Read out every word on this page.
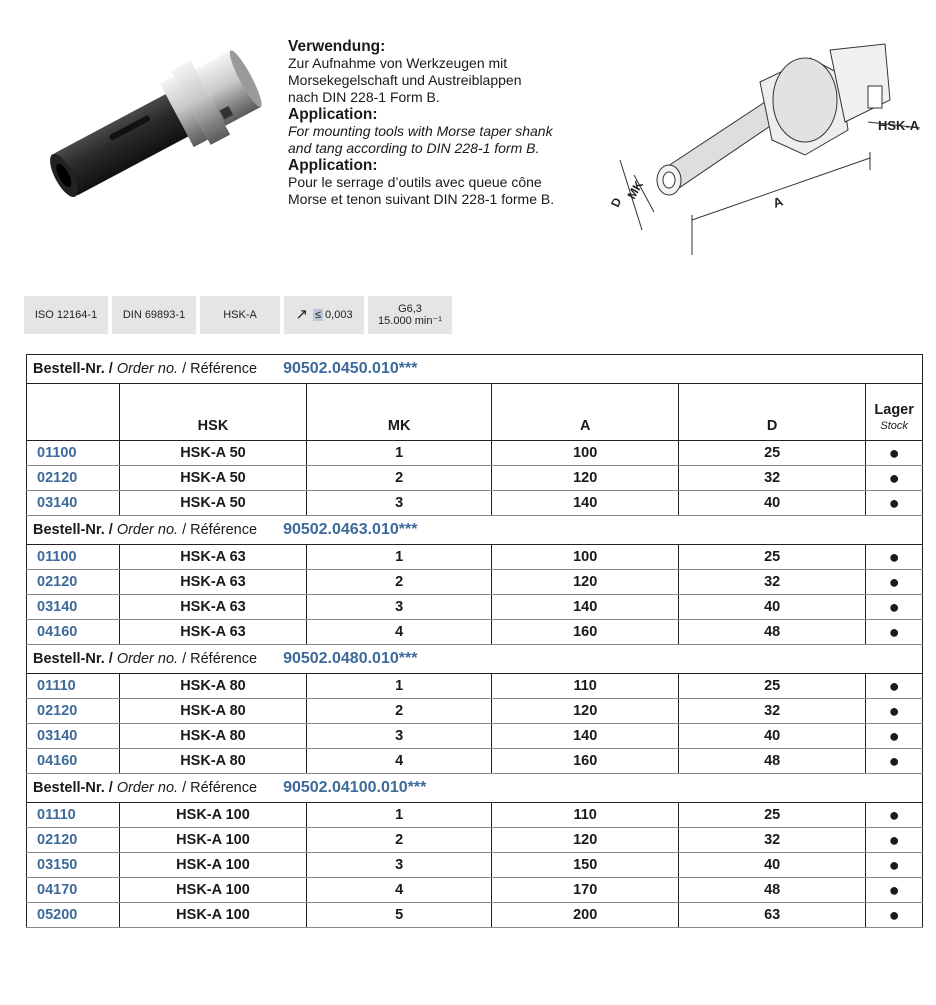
Verwendung:
Zur Aufnahme von Werkzeugen mit
Morsekegelschaft und Austreiblappen
nach DIN 228-1 Form B.
Application:
For mounting tools with Morse taper shank
and tang according to DIN 228-1 form B.
Application:
Pour le serrage d’outils avec queue cône
Morse et tenon suivant DIN 228-1 forme B.	A
D
MK
HSK-A
ISO 12164-1	DIN 69893-1	HSK-A	↗ ≤ 0,003	G6,3
15.000 min⁻¹
Bestell-Nr. / Order no. / Référence 90502.0450.010***					
	HSK	MK	A	D	Lager
Stock

01100	HSK-A 50	1	100	25	●
02120	HSK-A 50	2	120	32	●
03140	HSK-A 50	3	140	40	●
Bestell-Nr. / Order no. / Référence 90502.0463.010***					
01100	HSK-A 63	1	100	25	●
02120	HSK-A 63	2	120	32	●
03140	HSK-A 63	3	140	40	●
04160	HSK-A 63	4	160	48	●
Bestell-Nr. / Order no. / Référence 90502.0480.010***					
01110	HSK-A 80	1	110	25	●
02120	HSK-A 80	2	120	32	●
03140	HSK-A 80	3	140	40	●
04160	HSK-A 80	4	160	48	●
Bestell-Nr. / Order no. / Référence 90502.04100.010***					
01110	HSK-A 100	1	110	25	●
02120	HSK-A 100	2	120	32	●
03150	HSK-A 100	3	150	40	●
04170	HSK-A 100	4	170	48	●
05200	HSK-A 100	5	200	63	●
